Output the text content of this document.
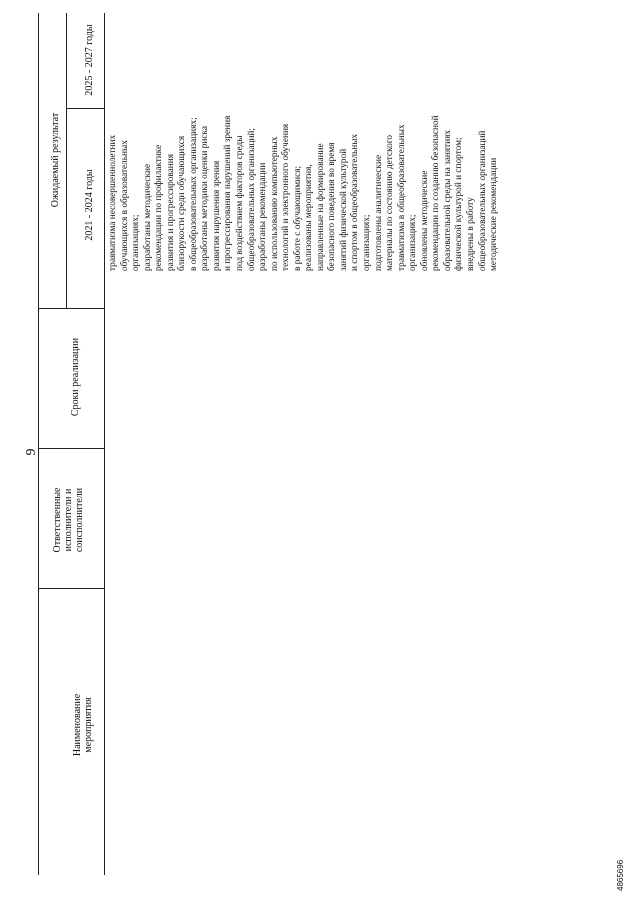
9
Наименование мероприятия
Ответственные исполнители и соисполнители
Сроки реализации
Ожидаемый результат 2021 - 2024 годы
2025 - 2027 годы
травматизма несовершеннолетних обучающихся в образовательных организациях; разработаны методические рекомендации по профилактике развития и прогрессирования близорукости среди обучающихся в общеобразовательных организациях; разработаны методики оценки риска развития нарушения зрения и прогрессирования нарушений зрения под воздействием факторов среды общеобразовательных организаций; разработаны рекомендации по использованию компьютерных технологий и электронного обучения в работе с обучающимися; реализованы мероприятия, направленные на формирование безопасного поведения во время занятий физической культурой и спортом в общеобразовательных организациях; подготовлены аналитические материалы по состоянию детского травматизма в общеобразовательных организациях; обновлены методические рекомендации по созданию безопасной образовательной среды на занятиях физической культурой и спортом; внедрены в работу общеобразовательных организаций методические рекомендации
4865696
